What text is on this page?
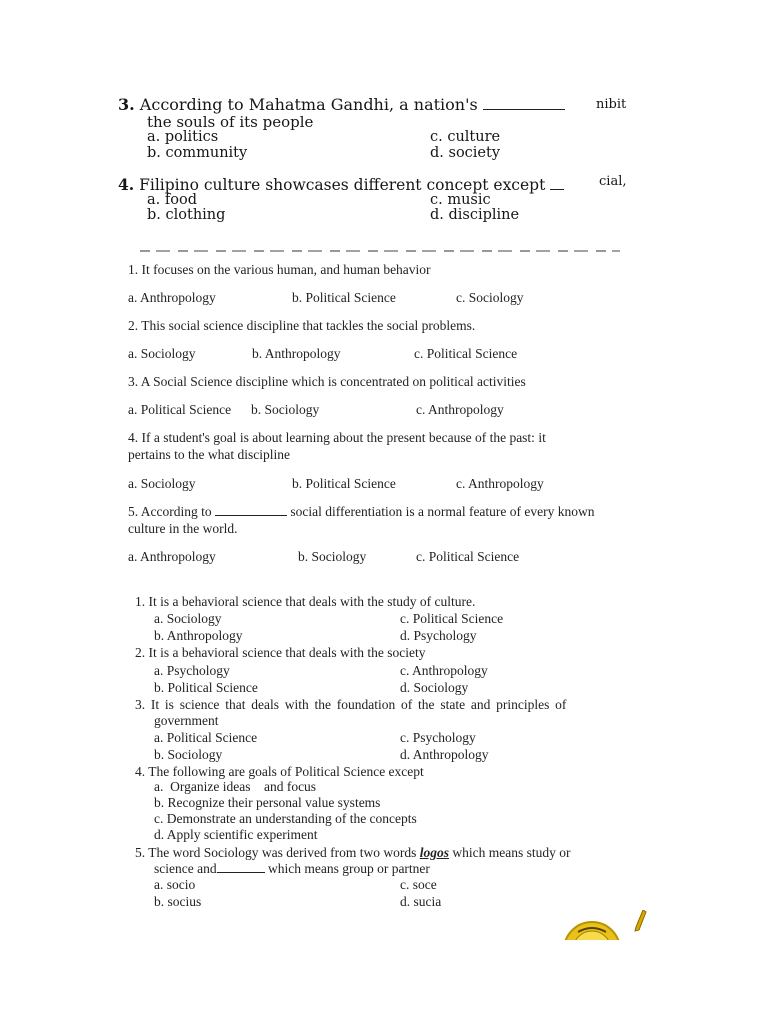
3. According to Mahatma Gandhi, a nation's	nibit
the souls of its people
a. politics
b. community
c. culture
d. society
4. Filipino culture showcases different concept except	cial,
a. food
b. clothing
c. music
d. discipline
1. It focuses on the various human, and human behavior
a. Anthropology	b. Political Science	c. Sociology
2. This social science discipline that tackles the social problems.
a. Sociology	b. Anthropology	c. Political Science
3. A Social Science discipline which is concentrated on political activities
a. Political Science b. Sociology	c. Anthropology
4. If a student's goal is about learning about the present because of the past: it
pertains to the what discipline
a. Sociology	b. Political Science	c. Anthropology
5. According to	social differentiation is a normal feature of every known
culture in the world.
a. Anthropology	b. Sociology	c. Political Science
1. It is a behavioral science that deals with the study of culture.
a. Sociology
b. Anthropology
c. Political Science
d. Psychology
2. It is a behavioral science that deals with the society
a. Psychology
b. Political Science
c. Anthropology
d. Sociology
3. It is science that deals with the foundation of the state and principles of
government
a. Political Science
b. Sociology
c. Psychology
d. Anthropology
4. The following are goals of Political Science except
a.  Organize ideas    and focus
b. Recognize their personal value systems
c. Demonstrate an understanding of the concepts
d. Apply scientific experiment
5. The word Sociology was derived from two words logos which means study or
science and	which means group or partner
a. socio
b. socius
c. soce
d. sucia
